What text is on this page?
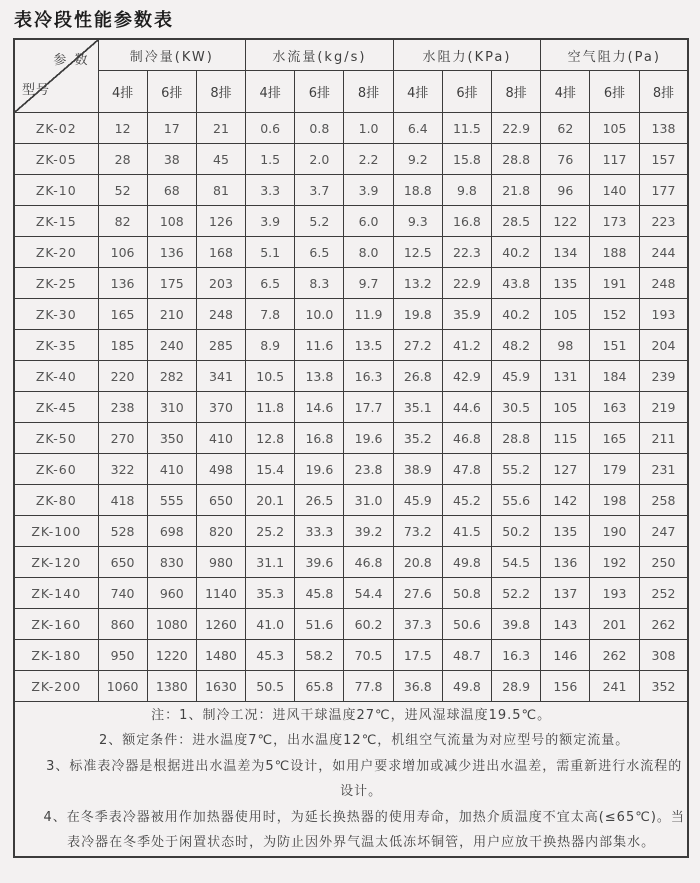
表冷段性能参数表
参 数
型号	制冷量(KW)			水流量(kg/s)			水阻力(KPa)			空气阻力(Pa)		
	4排	6排	8排	4排	6排	8排	4排	6排	8排	4排	6排	8排
ZK-02	12	17	21	0.6	0.8	1.0	6.4	11.5	22.9	62	105	138
ZK-05	28	38	45	1.5	2.0	2.2	9.2	15.8	28.8	76	117	157
ZK-10	52	68	81	3.3	3.7	3.9	18.8	9.8	21.8	96	140	177
ZK-15	82	108	126	3.9	5.2	6.0	9.3	16.8	28.5	122	173	223
ZK-20	106	136	168	5.1	6.5	8.0	12.5	22.3	40.2	134	188	244
ZK-25	136	175	203	6.5	8.3	9.7	13.2	22.9	43.8	135	191	248
ZK-30	165	210	248	7.8	10.0	11.9	19.8	35.9	40.2	105	152	193
ZK-35	185	240	285	8.9	11.6	13.5	27.2	41.2	48.2	98	151	204
ZK-40	220	282	341	10.5	13.8	16.3	26.8	42.9	45.9	131	184	239
ZK-45	238	310	370	11.8	14.6	17.7	35.1	44.6	30.5	105	163	219
ZK-50	270	350	410	12.8	16.8	19.6	35.2	46.8	28.8	115	165	211
ZK-60	322	410	498	15.4	19.6	23.8	38.9	47.8	55.2	127	179	231
ZK-80	418	555	650	20.1	26.5	31.0	45.9	45.2	55.6	142	198	258
ZK-100	528	698	820	25.2	33.3	39.2	73.2	41.5	50.2	135	190	247
ZK-120	650	830	980	31.1	39.6	46.8	20.8	49.8	54.5	136	192	250
ZK-140	740	960	1140	35.3	45.8	54.4	27.6	50.8	52.2	137	193	252
ZK-160	860	1080	1260	41.0	51.6	60.2	37.3	50.6	39.8	143	201	262
ZK-180	950	1220	1480	45.3	58.2	70.5	17.5	48.7	16.3	146	262	308
ZK-200	1060	1380	1630	50.5	65.8	77.8	36.8	49.8	28.9	156	241	352

注：1、制冷工况：进风干球温度27℃，进风湿球温度19.5℃。

2、额定条件：进水温度7℃，出水温度12℃，机组空气流量为对应型号的额定流量。

3、标准表冷器是根据进出水温差为5℃设计，如用户要求增加或减少进出水温差，需重新进行水流程的

设计。

4、在冬季表冷器被用作加热器使用时，为延长换热器的使用寿命，加热介质温度不宜太高(≤65℃)。当

表冷器在冬季处于闲置状态时，为防止因外界气温太低冻坏铜管，用户应放干换热器内部集水。
